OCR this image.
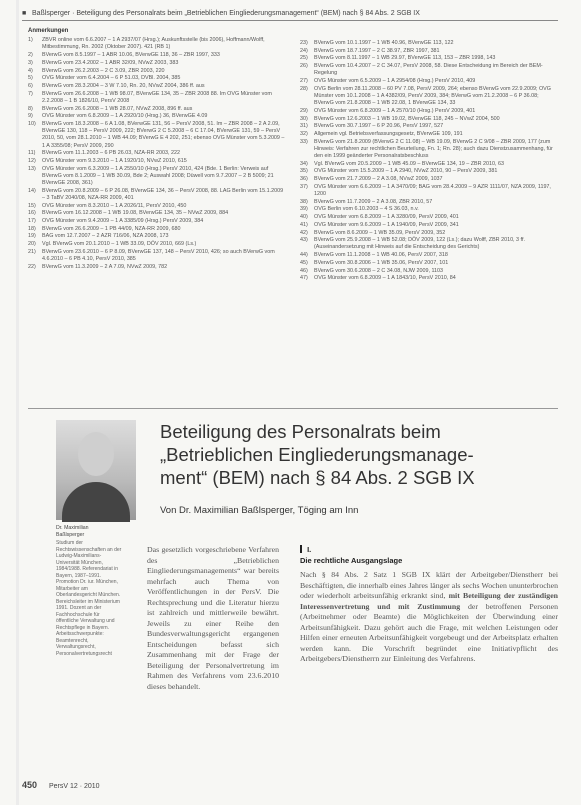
■ Baßlsperger · Beteiligung des Personalrats beim „Betrieblichen Eingliederungsmanagement“ (BEM) nach § 84 Abs. 2 SGB IX
Anmerkungen
1)	ZBVR online vom 6.6.2007 – 1 A 2937/07 (Hrsg.); Auskunftsstelle (bis 2006), Hoffmann/Wolff, Mitbestimmung, Rn. 2002 (Oktober 2007). 421 (RB 1)
2)	BVerwG vom 8.5.1997 – 1 ABR 10.06, BVerwGE 118, 36 – ZBR 1997, 333
3)	BVerwG vom 23.4.2002 – 1 ABR 32/09, NVwZ 2003, 383
4)	BVerwG vom 26.2.2003 – 2 C 3.09, ZBR 2003, 220
5)	OVG Münster vom 6.4.2004 – 6 P 51.03, DVBl. 2004, 385
6)	BVerwG vom 28.3.2004 – 3 W 7.10, Rn. 20, NVwZ 2004, 386 ff. aus
7)	BVerwG vom 26.6.2008 – 1 WB 98.07, BVerwGE 134, 35 – ZBR 2008 88. Im OVG Münster vom 2.2.2008 – 1 B 1826/10, PersV 2008
8)	BVerwG vom 26.6.2008 – 1 WB 28.07, NVwZ 2008, 896 ff. aus
9)	OVG Münster vom 6.8.2009 – 1 A 2920/10 (Hrsg.) 36, BVerwGE 4.09
10)	BVerwG vom 18.3.2008 – 6 A 1.08, BVerwGE 131, 56 – PersV 2008, 51. Im – ZBR 2008 – 2 A 2.09, BVerwGE 130, 118 – PersV 2009, 222; BVerwG 2 C 5.2008 – 6 C 17.04, BVerwGE 131, 59 – PersV 2010, 50, vom 28.1.2010 – 1 WB 44.09; BVerwG E 4 202, 251; ebenso OVG Münster vom 5.3.2009 – 1 A 3355/08; PersV 2009, 290
11)	BVerwG vom 11.1.2003 – 6 PB 26.03, NZA-RR 2003, 222
12)	OVG Münster vom 9.3.2010 – 1 A 1920/10, NVwZ 2010, 615
13)	OVG Münster vom 6.3.2009 – 1 A 2550/10 (Hrsg.) PersV 2010, 424 (Bde. 1 Berlin: Verweis auf BVerwG vom 8.1.2009 – 1 WB 30.09, Bde 2; Auswahl 2008; Düwell vom 9.7.2007 – 2 B 5009; 21 BVerwGE 2008, 361)
14)	BVerwG vom 20.8.2009 – 6 P 26.08, BVerwGE 134, 36 – PersV 2008, 88. LAG Berlin vom 15.1.2009 – 3 TaBV 2040/08, NZA-RR 2009, 401
15)	OVG Münster vom 8.3.2010 – 1 A 2026/11, PersV 2010, 450
16)	BVerwG vom 16.12.2008 – 1 WB 19.08, BVerwGE 134, 35 – NVwZ 2009, 884
17)	OVG Münster vom 9.4.2009 – 1 A 3385/09 (Hrsg.) PersV 2009, 384
18)	BVerwG vom 26.6.2009 – 1 PB 44/09, NZA-RR 2009, 680
19)	BAG vom 12.7.2007 – 2 AZR 716/06, NZA 2008, 173
20)	Vgl. BVerwG vom 20.1.2010 – 1 WB 33.09, DÖV 2010, 669 (Ls.)
21)	BVerwG vom 23.6.2010 – 6 P 8.09, BVerwGE 137, 148 – PersV 2010, 426; so auch BVerwG vom 4.6.2010 – 6 PB 4.10, PersV 2010, 385
22)	BVerwG vom 11.3.2009 – 2 A 7.09, NVwZ 2009, 782
23)	BVerwG vom 10.1.1997 – 1 WB 40.96, BVerwGE 113, 122
24)	BVerwG vom 18.7.1997 – 2 C 38.97, ZBR 1997, 381
25)	BVerwG vom 8.11.1997 – 1 WB 29.97, BVerwGE 113, 153 – ZBR 1998, 143
26)	BVerwG vom 10.4.2007 – 2 C 34.07, PersV 2008, 58. Diese Entscheidung im Bereich der BEM-Regelung
27)	OVG Münster vom 6.5.2009 – 1 A 2954/08 (Hrsg.) PersV 2010, 409
28)	OVG Berlin vom 28.11.2008 – 60 PV 7.08, PersV 2009, 264; ebenso BVerwG vom 22.9.2009; OVG Münster vom 10.1.2008 – 1 A 4382/09, PersV 2009, 384; BVerwG vom 21.2.2008 – 6 P 36.08; BVerwG vom 21.8.2008 – 1 WB 22.08, 1 BVerwGE 134, 33
29)	OVG Münster vom 6.8.2009 – 1 A 2570/10 (Hrsg.) PersV 2009, 401
30)	BVerwG vom 12.6.2003 – 1 WB 19.02, BVerwGE 118, 245 – NVwZ 2004, 500
31)	BVerwG vom 30.7.1997 – 6 P 20.96, PersV 1997, 527
32)	Allgemein vgl. Betriebsverfassungsgesetz, BVerwGE 109, 191
33)	BVerwG vom 21.8.2009 (BVerwG 2 C 11.08) – WB 19.09, BVerwG 2 C 9/08 – ZBR 2009, 177 (zum Hinweis: Verfahren zur rechtlichen Beurteilung, Fn. 1; Rn. 28); auch dazu Dienstzusammenhang, für den ein 1999 geänderter Personalratsbeschluss
34)	Vgl. BVerwG vom 20.5.2009 – 1 WB 45.09 – BVerwGE 134, 19 – ZBR 2010, 63
35)	OVG Münster vom 15.5.2009 – 1 A 2940, NVwZ 2010, 90 – PersV 2009, 381
36)	BVerwG vom 21.7.2009 – 2 A 3.08, NVwZ 2009, 1037
37)	OVG Münster vom 6.6.2009 – 1 A 3470/09; BAG vom 28.4.2009 – 9 AZR 1111/07, NZA 2009, 1197, 1200
38)	BVerwG vom 11.7.2009 – 2 A 3.08, ZBR 2010, 57
39)	OVG Berlin vom 6.10.2003 – 4 S 36.03, n.v.
40)	OVG Münster vom 6.8.2009 – 1 A 3280/09, PersV 2009, 401
41)	OVG Münster vom 9.6.2009 – 1 A 1940/09, PersV 2009, 341
42)	BVerwG vom 8.6.2009 – 1 WB 35.09, PersV 2009, 352
43)	BVerwG vom 25.9.2008 – 1 WB 52.08; DÖV 2009, 122 (Ls.); dazu Wolff, ZBR 2010, 3 ff. (Auseinandersetzung mit Hinweis auf die Entscheidung des Gerichts)
44)	BVerwG vom 11.1.2008 – 1 WB 40.06, PersV 2007, 318
45)	BVerwG vom 30.8.2006 – 1 WB 35.06, PersV 2007, 101
46)	BVerwG vom 30.6.2008 – 2 C 34.08, NJW 2009, 1103
47)	OVG Münster vom 6.8.2009 – 1 A 1843/10, PersV 2010, 84
Dr. Maximilian
Baßlsperger
Studium der Rechtswissenschaften an der Ludwig-Maximilians-Universität München, 1984/1988. Referendariat in Bayern, 1987–1991. Promotion Dr. iur. München, Mitarbeiter am Oberlandesgericht München. Bereichsleiter im Ministerium 1991. Dozent an der Fachhochschule für öffentliche Verwaltung und Rechtspflege in Bayern. Arbeitsschwerpunkte: Beamtenrecht, Verwaltungsrecht, Personalvertretungsrecht
Beteiligung des Personalrats beim
„Betrieblichen Eingliederungsmanage-
ment“ (BEM) nach § 84 Abs. 2 SGB IX
Von Dr. Maximilian Baßlsperger, Töging am Inn
Das gesetzlich vorgeschriebene Verfahren des „Betrieblichen Eingliederungsmanagements“ war bereits mehrfach auch Thema von Veröffentlichungen in der PersV. Die Rechtsprechung und die Literatur hierzu ist zahlreich und mittlerweile bewährt. Jeweils zu einer Reihe den Bundesverwaltungsgericht ergangenen Entscheidungen befasst sich Zusammenhang mit der Frage der Beteiligung der Personalvertretung im Rahmen des Verfahrens vom 23.6.2010 dieses behandelt.
I.
Die rechtliche Ausgangslage
Nach § 84 Abs. 2 Satz 1 SGB IX klärt der Arbeitgeber/Dienstherr bei Beschäftigten, die innerhalb eines Jahres länger als sechs Wochen ununterbrochen oder wiederholt arbeitsunfähig erkrankt sind, mit Beteiligung der zuständigen Interessenvertretung und mit Zustimmung der betroffenen Personen (Arbeitnehmer oder Beamte) die Möglichkeiten der Überwindung einer Arbeitsunfähigkeit. Dazu gehört auch die Frage, mit welchen Leistungen oder Hilfen einer erneuten Arbeitsunfähigkeit vorgebeugt und der Arbeitsplatz erhalten werden kann. Die Vorschrift begründet eine Initiativpflicht des Arbeitgebers/Dienstherrn zur Einleitung des Verfahrens.
450 PersV 12 · 2010
